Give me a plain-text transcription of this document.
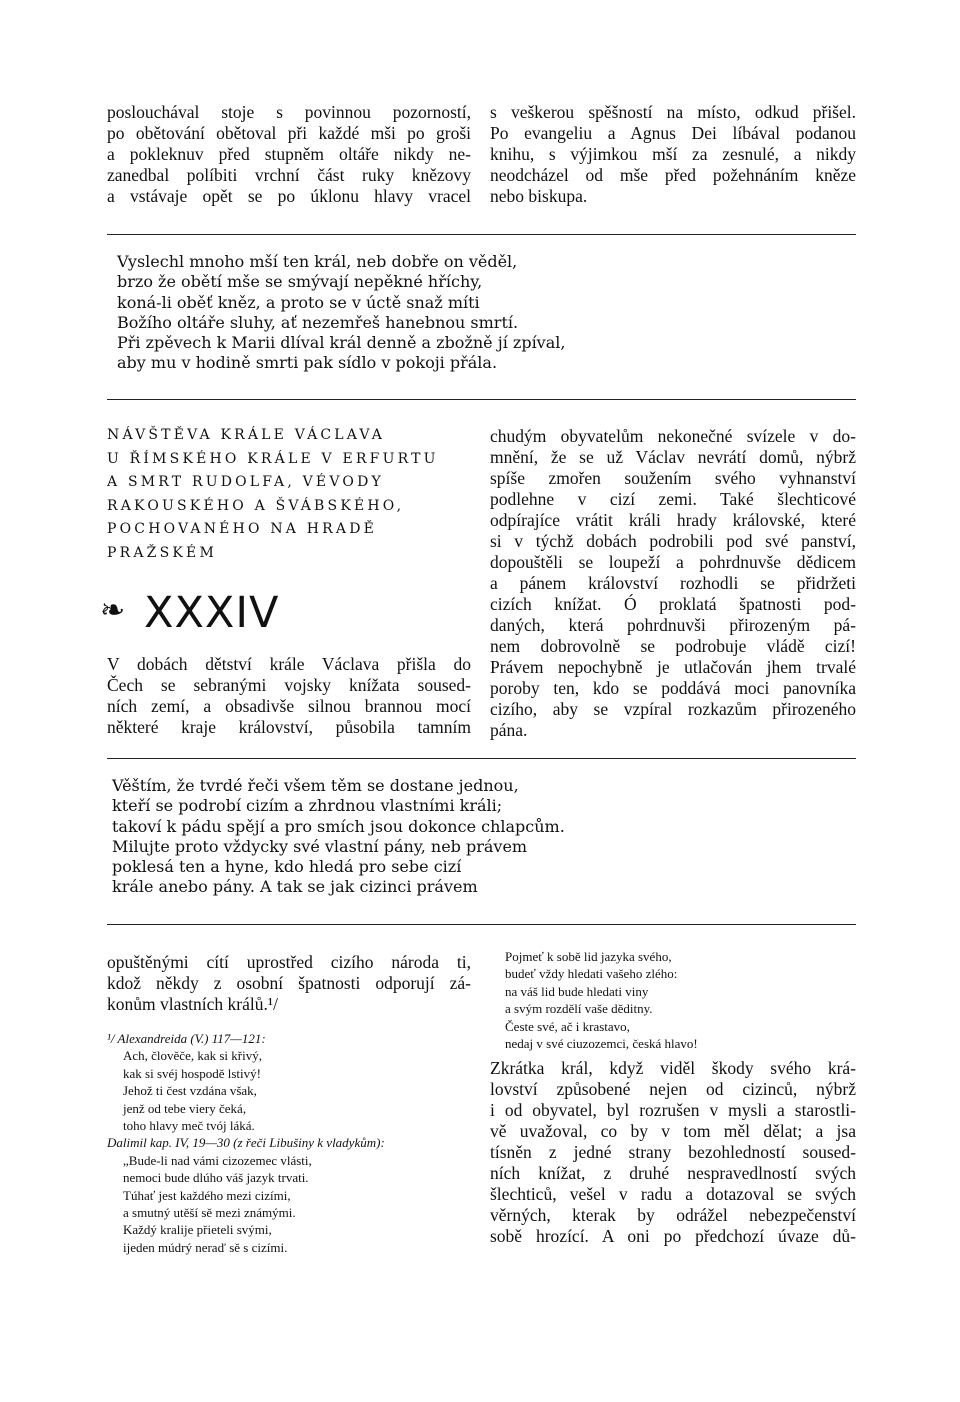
poslouchával stoje s povinnou pozorností,
po obětování obětoval při každé mši po groši
a pokleknuv před stupněm oltáře nikdy ne-
zanedbal políbiti vrchní část ruky knězovy
a vstávaje opět se po úklonu hlavy vracel
s veškerou spěšností na místo, odkud přišel.
Po evangeliu a Agnus Dei líbával podanou
knihu, s výjimkou mší za zesnulé, a nikdy
neodcházel od mše před požehnáním kněze
nebo biskupa.
Vyslechl mnoho mší ten král, neb dobře on věděl,
brzo že obětí mše se smývají nepěkné hříchy,
koná-li oběť kněz, a proto se v úctě snaž míti
Božího oltáře sluhy, ať nezemřeš hanebnou smrtí.
Při zpěvech k Marii dlíval král denně a zbožně jí zpíval,
aby mu v hodině smrti pak sídlo v pokoji přála.
NÁVŠTĚVA KRÁLE VÁCLAVA
U ŘÍMSKÉHO KRÁLE V ERFURTU
A SMRT RUDOLFA, VÉVODY
RAKOUSKÉHO A ŠVÁBSKÉHO,
POCHOVANÉHO NA HRADĚ
PRAŽSKÉM
❧ XXXIV
V dobách dětství krále Václava přišla do
Čech se sebranými vojsky knížata soused-
ních zemí, a obsadivše silnou brannou mocí
některé kraje království, působila tamním
chudým obyvatelům nekonečné svízele v do-
mnění, že se už Václav nevrátí domů, nýbrž
spíše zmořen soužením svého vyhnanství
podlehne v cizí zemi. Také šlechticové
odpírajíce vrátit králi hrady královské, které
si v týchž dobách podrobili pod své panství,
dopouštěli se loupeží a pohrdnuvše dědicem
a pánem království rozhodli se přidržeti
cizích knížat. Ó proklatá špatnosti pod-
daných, která pohrdnuvši přirozeným pá-
nem dobrovolně se podrobuje vládě cizí!
Právem nepochybně je utlačován jhem trvalé
poroby ten, kdo se poddává moci panovníka
cizího, aby se vzpíral rozkazům přirozeného
pána.
Věštím, že tvrdé řeči všem těm se dostane jednou,
kteří se podrobí cizím a zhrdnou vlastními králi;
takoví k pádu spějí a pro smích jsou dokonce chlapcům.
Milujte proto vždycky své vlastní pány, neb právem
poklesá ten a hyne, kdo hledá pro sebe cizí
krále anebo pány. A tak se jak cizinci právem
opuštěnými cítí uprostřed cizího národa ti,
kdož někdy z osobní špatnosti odporují zá-
konům vlastních králů.¹/
¹/ Alexandreida (V.) 117—121:
Ach, člověče, kak si křivý,
kak si svéj hospodě lstivý!
Jehož ti čest vzdána však,
jenž od tebe viery čeká,
toho hlavy meč tvój láká.
Dalimil kap. IV, 19—30 (z řeči Libušiny k vladykům):
„Bude-li nad vámi cizozemec vlásti,
nemoci bude dlúho váš jazyk trvati.
Túhať jest každého mezi cizími,
a smutný utěší sě mezi známými.
Každý kralije přieteli svými,
ijeden múdrý neraď sě s cizími.
Pojmeť k sobě lid jazyka svého,
budeť vždy hledati vašeho zlého:
na váš lid bude hledati viny
a svým rozdělí vaše děditny.
Česte své, ač i krastavo,
nedaj v své ciuzozemci, česká hlavo!
Zkrátka král, když viděl škody svého krá-
lovství způsobené nejen od cizinců, nýbrž
i od obyvatel, byl rozrušen v mysli a starostli-
vě uvažoval, co by v tom měl dělat; a jsa
tísněn z jedné strany bezohledností soused-
ních knížat, z druhé nespravedlností svých
šlechticů, vešel v radu a dotazoval se svých
věrných, kterak by odrážel nebezpečenství
sobě hrozící. A oni po předchozí úvaze dů-
